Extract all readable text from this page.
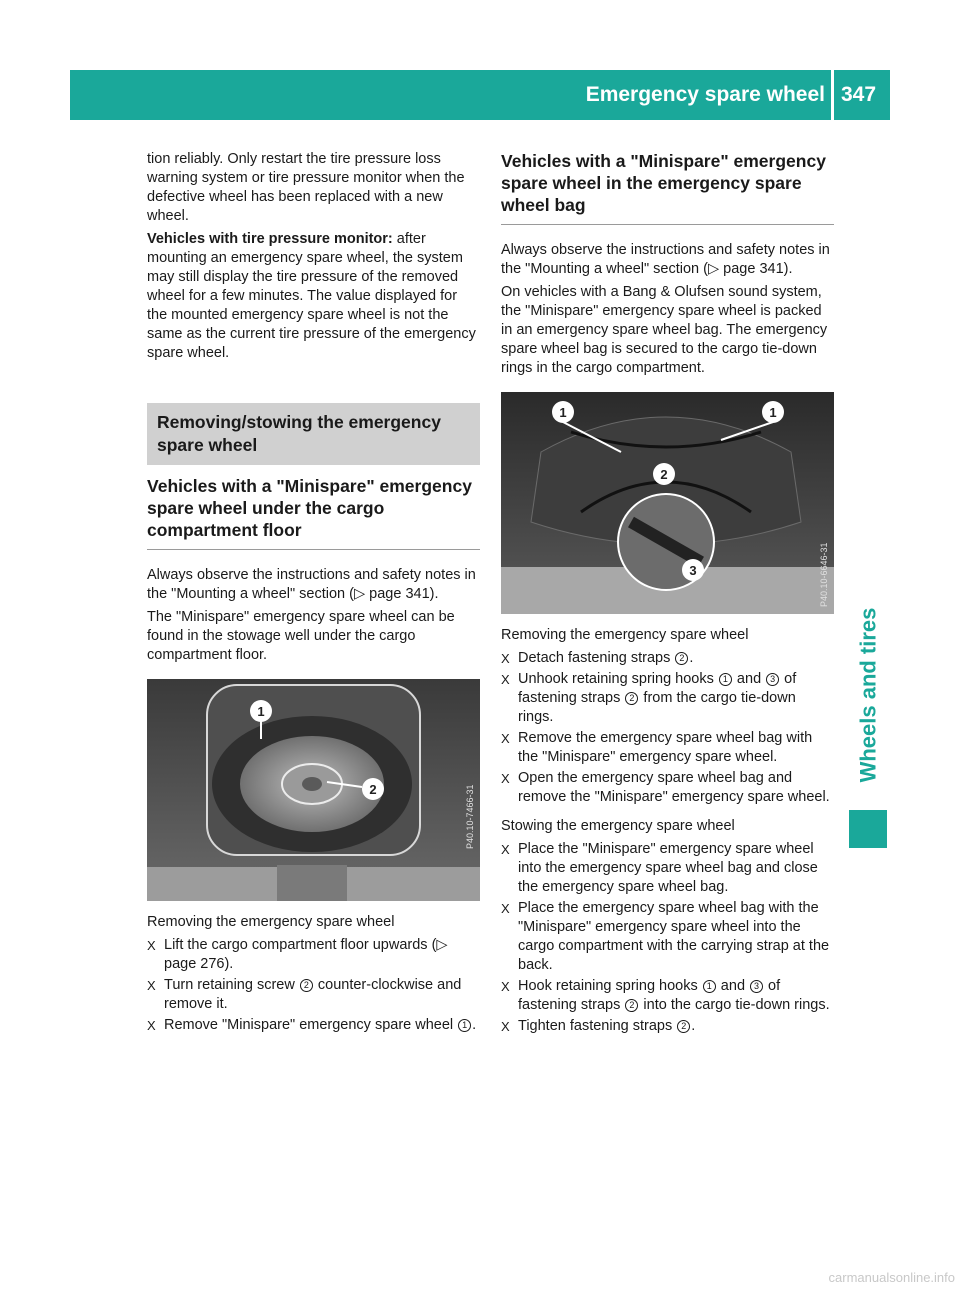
Emergency spare wheel 347
Wheels and tires

tion reliably. Only restart the tire pressure loss warning system or tire pressure monitor when the defective wheel has been replaced with a new wheel.

Vehicles with tire pressure monitor: after mounting an emergency spare wheel, the system may still display the tire pressure of the removed wheel for a few minutes. The value displayed for the mounted emergency spare wheel is not the same as the current tire pressure of the emergency spare wheel.

Removing/stowing the emergency spare wheel
Vehicles with a "Minispare" emergency spare wheel under the cargo compartment floor

Always observe the instructions and safety notes in the "Mounting a wheel" section (▷ page 341).

The "Minispare" emergency spare wheel can be found in the stowage well under the cargo compartment floor.

1
2	P40.10-7466-31

Removing the emergency spare wheel

X Lift the cargo compartment floor upwards (▷ page 276).
X Turn retaining screw 2 counter-clockwise and remove it.
X Remove "Minispare" emergency spare wheel 1 .
Vehicles with a "Minispare" emergency spare wheel in the emergency spare wheel bag

Always observe the instructions and safety notes in the "Mounting a wheel" section (▷ page 341).

On vehicles with a Bang & Olufsen sound system, the "Minispare" emergency spare wheel is packed in an emergency spare wheel bag. The emergency spare wheel bag is secured to the cargo tie-down rings in the cargo compartment.

1	1
2
3	P40.10-6646-31

Removing the emergency spare wheel

X Detach fastening straps 2 .
X Unhook retaining spring hooks 1 and 3 of fastening straps 2 from the cargo tie-down rings.
X Remove the emergency spare wheel bag with the "Minispare" emergency spare wheel.
X Open the emergency spare wheel bag and remove the "Minispare" emergency spare wheel.

Stowing the emergency spare wheel

X Place the "Minispare" emergency spare wheel into the emergency spare wheel bag and close the emergency spare wheel bag.
X Place the emergency spare wheel bag with the "Minispare" emergency spare wheel into the cargo compartment with the carrying strap at the back.
X Hook retaining spring hooks 1 and 3 of fastening straps 2 into the cargo tie-down rings.
X Tighten fastening straps 2 .
carmanualsonline.info
